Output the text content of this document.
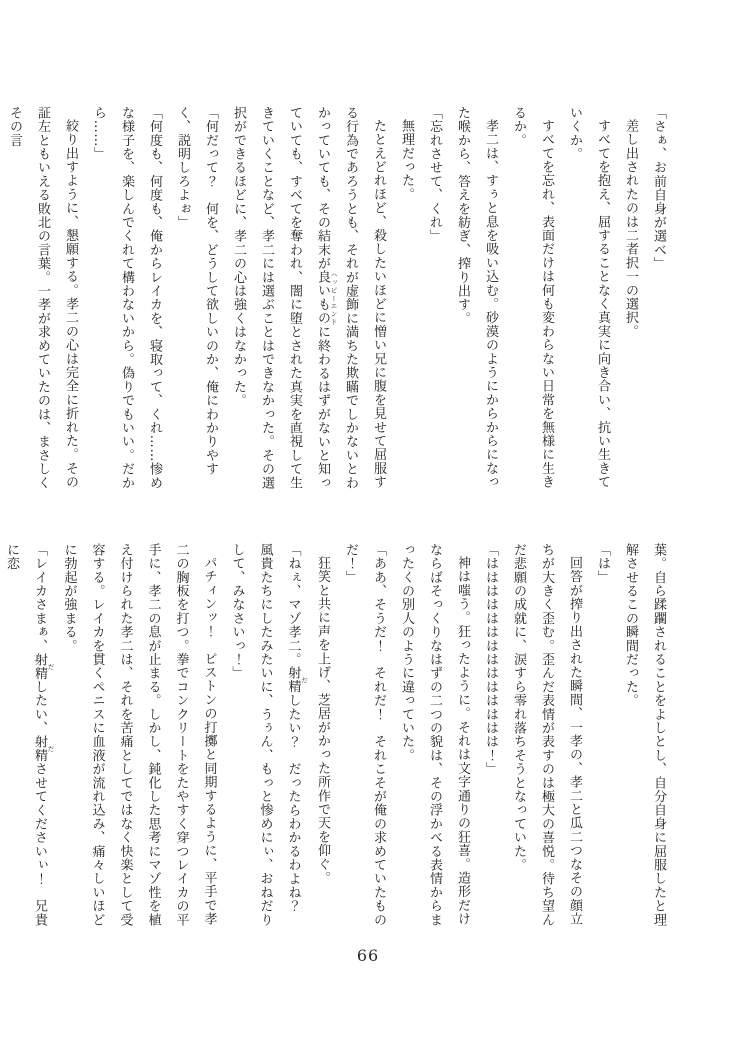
「さぁ、お前自身が選べ」

差し出されたのは二者択一の選択。

すべてを抱え、屈することなく真実に向き合い、抗い生きていくか。

すべてを忘れ、表面だけは何も変わらない日常を無様に生きるか。

孝二は、すぅと息を吸い込む。砂漠のようにからからになった喉から、答えを紡ぎ、搾り出す。

「忘れさせて、くれ」

無理だった。

たとえどれほど、殺したいほどに憎い兄に腹を見せて屈服する行為であろうとも、それが虚飾に満ちた欺瞞でしかないとわかっていても、その結末が良いもの ハッピーエンドに終わるはずがないと知っていても、すべてを奪われ、闇に堕とされた真実を直視して生きていくことなど、孝二には選ぶことはできなかった。その選択ができるほどに、孝二の心は強くはなかった。

「何だって？　何を、どうして欲しいのか、俺にわかりやすく、説明しろよぉ」

「何度も、何度も、俺からレイカを、寝取って、くれ……惨めな様子を、楽しんでくれて構わないから。偽りでもいい。だから……」

絞り出すように、懇願する。孝二の心は完全に折れた。その証左ともいえる敗北の言葉。一孝が求めていたのは、まさしくその言

葉。自ら蹂躙されることをよしとし、自分自身に屈服したと理解させるこの瞬間だった。

「は」

回答が搾り出された瞬間、一孝の、孝二と瓜二つなその顔立ちが大きく歪む。歪んだ表情が表すのは極大の喜悦。待ち望んだ悲願の成就に、涙すら零れ落ちそうとなっていた。

「はははははははははははははは！」

神は嗤う。狂ったように。それは文字通りの狂喜。造形だけならばそっくりなはずの二つの貌は、その浮かべる表情からまったくの別人のように違っていた。

「ああ、そうだ！　それだ！　それこそが俺の求めていたものだ！」

狂笑と共に声を上げ、芝居がかった所作で天を仰ぐ。

「ねぇ、マゾ孝二。射精 だしたい？　だったらわかるわよね？　風貴たちにしたみたいに、うぅん、もっと惨めにぃ、おねだりして、みなさいっ！」

パチィンッ！　ピストンの打擲と同期するように、平手で孝二の胸板を打つ。拳でコンクリートをたやすく穿つレイカの平手に、孝二の息が止まる。しかし、鈍化した思考にマゾ性を植え付けられた孝二は、それを苦痛としてではなく快楽として受容する。レイカを貫くペニスに血液が流れ込み、痛々しいほどに勃起が強まる。

「レイカさまぁ、射精 だしたい、射精 ださせてくださいぃ！　兄貴に恋

66
